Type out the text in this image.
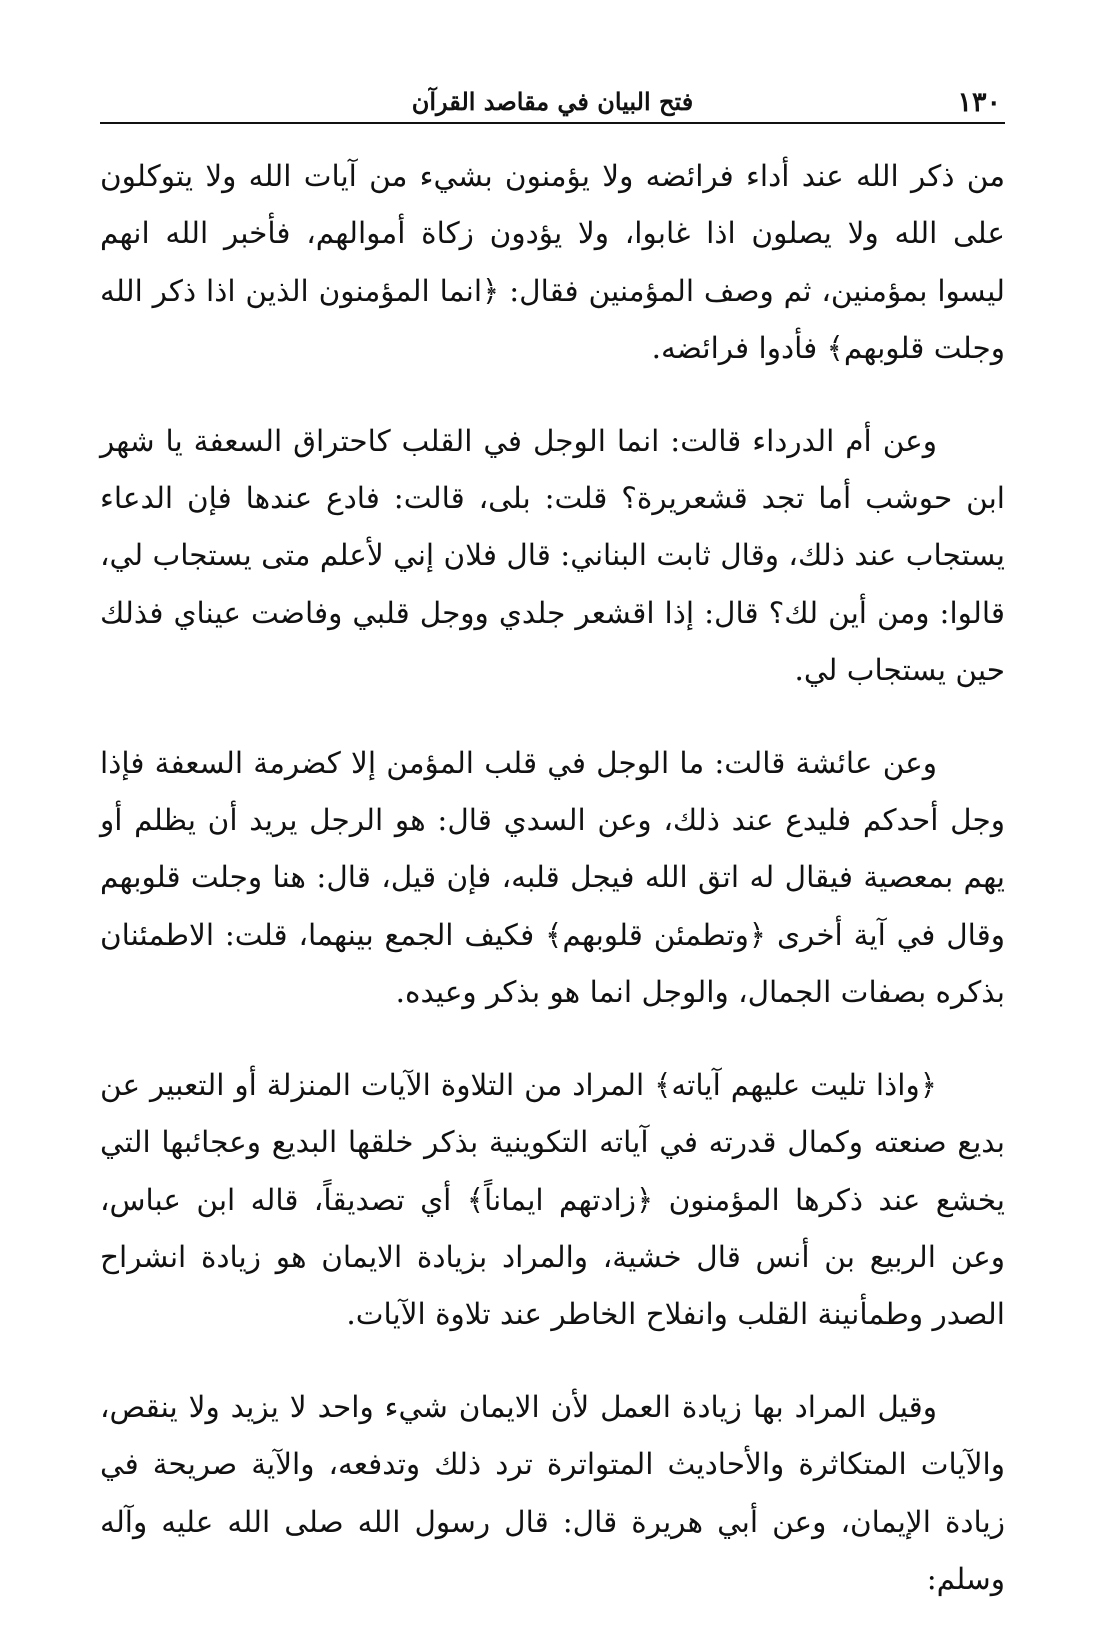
١٣٠
فتح البيان في مقاصد القرآن

من ذكر الله عند أداء فرائضه ولا يؤمنون بشيء من آيات الله ولا يتوكلون على الله ولا يصلون اذا غابوا، ولا يؤدون زكاة أموالهم، فأخبر الله انهم ليسوا بمؤمنين، ثم وصف المؤمنين فقال: ﴿انما المؤمنون الذين اذا ذكر الله وجلت قلوبهم﴾ فأدوا فرائضه.

وعن أم الدرداء قالت: انما الوجل في القلب كاحتراق السعفة يا شهر ابن حوشب أما تجد قشعريرة؟ قلت: بلى، قالت: فادع عندها فإن الدعاء يستجاب عند ذلك، وقال ثابت البناني: قال فلان إني لأعلم متى يستجاب لي، قالوا: ومن أين لك؟ قال: إذا اقشعر جلدي ووجل قلبي وفاضت عيناي فذلك حين يستجاب لي.

وعن عائشة قالت: ما الوجل في قلب المؤمن إلا كضرمة السعفة فإذا وجل أحدكم فليدع عند ذلك، وعن السدي قال: هو الرجل يريد أن يظلم أو يهم بمعصية فيقال له اتق الله فيجل قلبه، فإن قيل، قال: هنا وجلت قلوبهم وقال في آية أخرى ﴿وتطمئن قلوبهم﴾ فكيف الجمع بينهما، قلت: الاطمئنان بذكره بصفات الجمال، والوجل انما هو بذكر وعيده.

﴿واذا تليت عليهم آياته﴾ المراد من التلاوة الآيات المنزلة أو التعبير عن بديع صنعته وكمال قدرته في آياته التكوينية بذكر خلقها البديع وعجائبها التي يخشع عند ذكرها المؤمنون ﴿زادتهم ايماناً﴾ أي تصديقاً، قاله ابن عباس، وعن الربيع بن أنس قال خشية، والمراد بزيادة الايمان هو زيادة انشراح الصدر وطمأنينة القلب وانفلاح الخاطر عند تلاوة الآيات.

وقيل المراد بها زيادة العمل لأن الايمان شيء واحد لا يزيد ولا ينقص، والآيات المتكاثرة والأحاديث المتواترة ترد ذلك وتدفعه، والآية صريحة في زيادة الإيمان، وعن أبي هريرة قال: قال رسول الله صلى الله عليه وآله وسلم:
